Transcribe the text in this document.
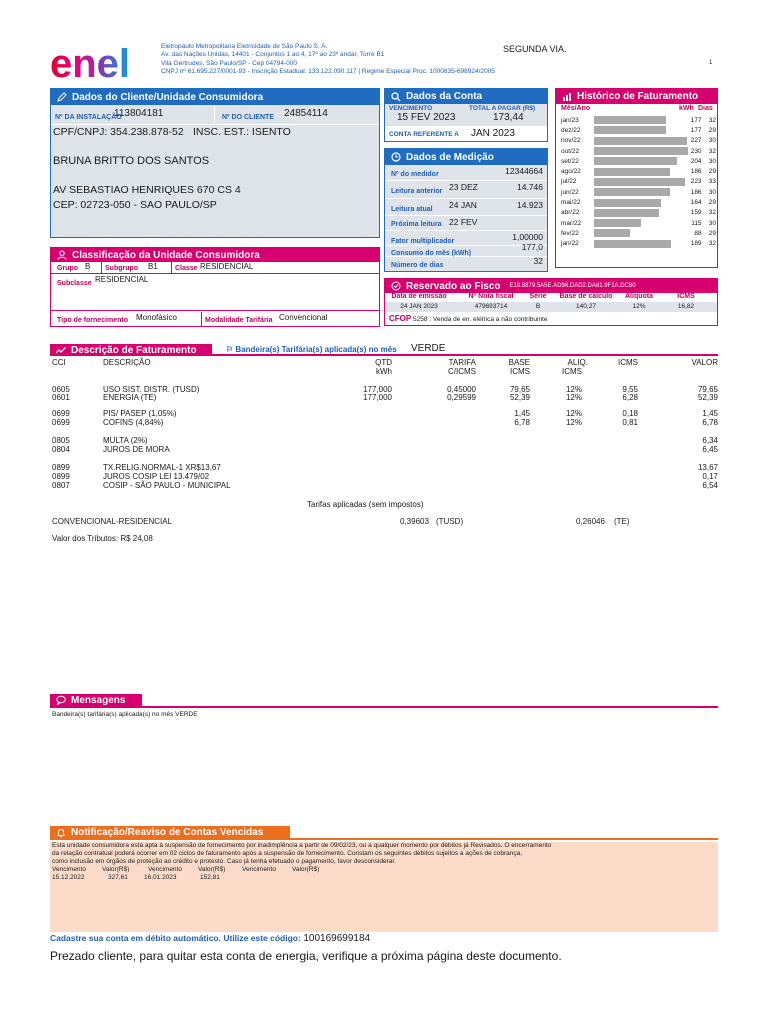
enel	Eletropaulo Metropolitana Eletricidade de São Paulo S. A.
Av. das Nações Unidas, 14401 - Conjuntos 1 ao 4, 17º ao 23º andar, Torre B1
Vila Gertrudes, São Paulo/SP - Cep 04794-000
CNPJ nº 61.695.227/0001-93 - Inscrição Estadual: 133.122.090.117 | Regime Especial Proc. 1000835-698924/2005
SEGUNDA VIA.
1
Dados do Cliente/Unidade Consumidora
Nº DA INSTALAÇÃO
113804181	Nº DO CLIENTE 24854114
CPF/CNPJ: 354.238.878-52 INSC. EST.: ISENTO
BRUNA BRITTO DOS SANTOS
AV SEBASTIAO HENRIQUES 670 CS 4
CEP: 02723-050 - SAO PAULO/SP
Dados da Conta
VENCIMENTO
15 FEV 2023
TOTAL A PAGAR (R$)
173,44
CONTA REFERENTE A JAN 2023
Dados de Medição
Nº do medidor	12344664
Leitura anterior 23 DEZ	14.746
Leitura atual 24 JAN	14.923
Próxima leitura 22 FEV
Fator multiplicador	1,00000
Consumo do mês (kWh)
177,0
Número de dias	32
Histórico de Faturamento
Mês/Ano	kWh Dias
jan/23	177	32
dez/22	177	29
nov/22	227	30
out/22	230	32
set/22	204	30
ago/22	186	29
jul/22	223	33
jun/22	186	30
mai/22	164	29
abr/22	159	32
mar/22	115	30
fev/22	88	29
jan/22	189	32
Classificação da Unidade Consumidora
Grupo B Subgrupo B1 Classe RESIDENCIAL
Subclasse RESIDENCIAL
Tipo de fornecimento Monofásico	Modalidade Tarifária Convencional
Reservado ao Fisco E19.8879.5A5E.AD96.DAD2.DA81.9F1A.DC80
Data de emissão	Nº Nota fiscal	Série	Base de cálculo	Alíquota	ICMS
24 JAN 2023	479693714	B	140,27	12%	16,82
CFOP 5258 : Venda de en. elétrica a não contribuinte
Descrição de Faturamento	⚐ Bandeira(s) Tarifária(s) aplicada(s) no mês VERDE
CCI	DESCRIÇÃO	QTD	TARIFA	BASE	ALIQ.	ICMS	VALOR
kWh	C/ICMS	ICMS	ICMS
0605	USO SIST. DISTR. (TUSD)	177,000	0,45000	79,65	12%	9,55	79,65
0601	ENERGIA (TE)	177,000	0,29599	52,39	12%	6,28	52,39
0699	PIS/ PASEP (1,05%)	1,45	12%	0,18	1,45
0699	COFINS (4,84%)	6,78	12%	0,81	6,78
0805	MULTA (2%)	6,34
0804	JUROS DE MORA	6,45
0899	TX.RELIG.NORMAL-1 XR$13,67	13,67
0899	JUROS COSIP LEI 13.479/02	0,17
0807	COSIP - SÃO PAULO - MUNICIPAL	6,54
Tarifas aplicadas (sem impostos)
CONVENCIONAL-RESIDENCIAL	0,39603 (TUSD)	0,26046 (TE)
Valor dos Tributos: R$ 24,08
Mensagens
Bandeira(s) tarifária(s) aplicada(s) no mês VERDE
Notificação/Reaviso de Contas Vencidas
Esta unidade consumidora está apta à suspensão de fornecimento por inadimplência a partir de 09/02/23, ou a qualquer momento por débitos já Revisados. O encerramento
da relação contratual poderá ocorrer em 02 ciclos de faturamento após a suspensão de fornecimento. Constam os seguintes débitos sujeitos a ações de cobrança,
como inclusão em órgãos de proteção ao crédito e protesto. Caso já tenha efetuado o pagamento, favor desconsiderar.
Vencimento Valor(R$)	Vencimento Valor(R$)	Vencimento Valor(R$)
15.12.2022	327,61 16.01.2023	152,81
Cadastre sua conta em débito automático. Utilize este código: 100169699184
Prezado cliente, para quitar esta conta de energia, verifique a próxima página deste documento.
